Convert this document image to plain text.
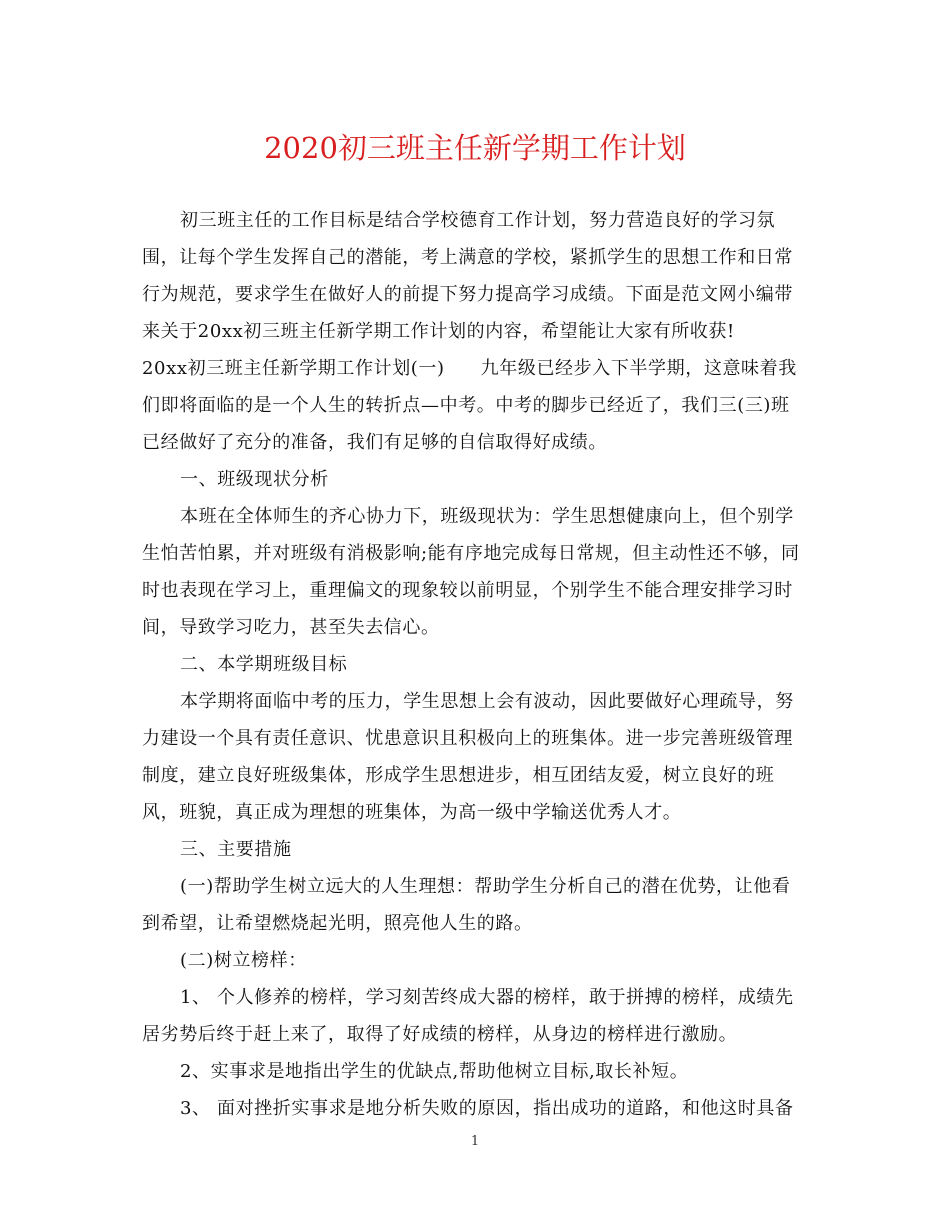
2020初三班主任新学期工作计划
初三班主任的工作目标是结合学校德育工作计划，努力营造良好的学习氛
围，让每个学生发挥自己的潜能，考上满意的学校，紧抓学生的思想工作和日常
行为规范，要求学生在做好人的前提下努力提高学习成绩。下面是范文网小编带
来关于20xx初三班主任新学期工作计划的内容，希望能让大家有所收获!
20xx初三班主任新学期工作计划(一) 九年级已经步入下半学期，这意味着我
们即将面临的是一个人生的转折点—中考。中考的脚步已经近了，我们三(三)班
已经做好了充分的准备，我们有足够的自信取得好成绩。
一、班级现状分析
本班在全体师生的齐心协力下，班级现状为：学生思想健康向上，但个别学
生怕苦怕累，并对班级有消极影响;能有序地完成每日常规，但主动性还不够，同
时也表现在学习上，重理偏文的现象较以前明显，个别学生不能合理安排学习时
间，导致学习吃力，甚至失去信心。
二、本学期班级目标
本学期将面临中考的压力，学生思想上会有波动，因此要做好心理疏导，努
力建设一个具有责任意识、忧患意识且积极向上的班集体。进一步完善班级管理
制度，建立良好班级集体，形成学生思想进步，相互团结友爱，树立良好的班
风，班貌，真正成为理想的班集体，为高一级中学输送优秀人才。
三、主要措施
(一)帮助学生树立远大的人生理想：帮助学生分析自己的潜在优势，让他看
到希望，让希望燃烧起光明，照亮他人生的路。
(二)树立榜样：
1、 个人修养的榜样，学习刻苦终成大器的榜样，敢于拼搏的榜样，成绩先
居劣势后终于赶上来了，取得了好成绩的榜样，从身边的榜样进行激励。
2、实事求是地指出学生的优缺点,帮助他树立目标,取长补短。
3、 面对挫折实事求是地分析失败的原因，指出成功的道路，和他这时具备
1
